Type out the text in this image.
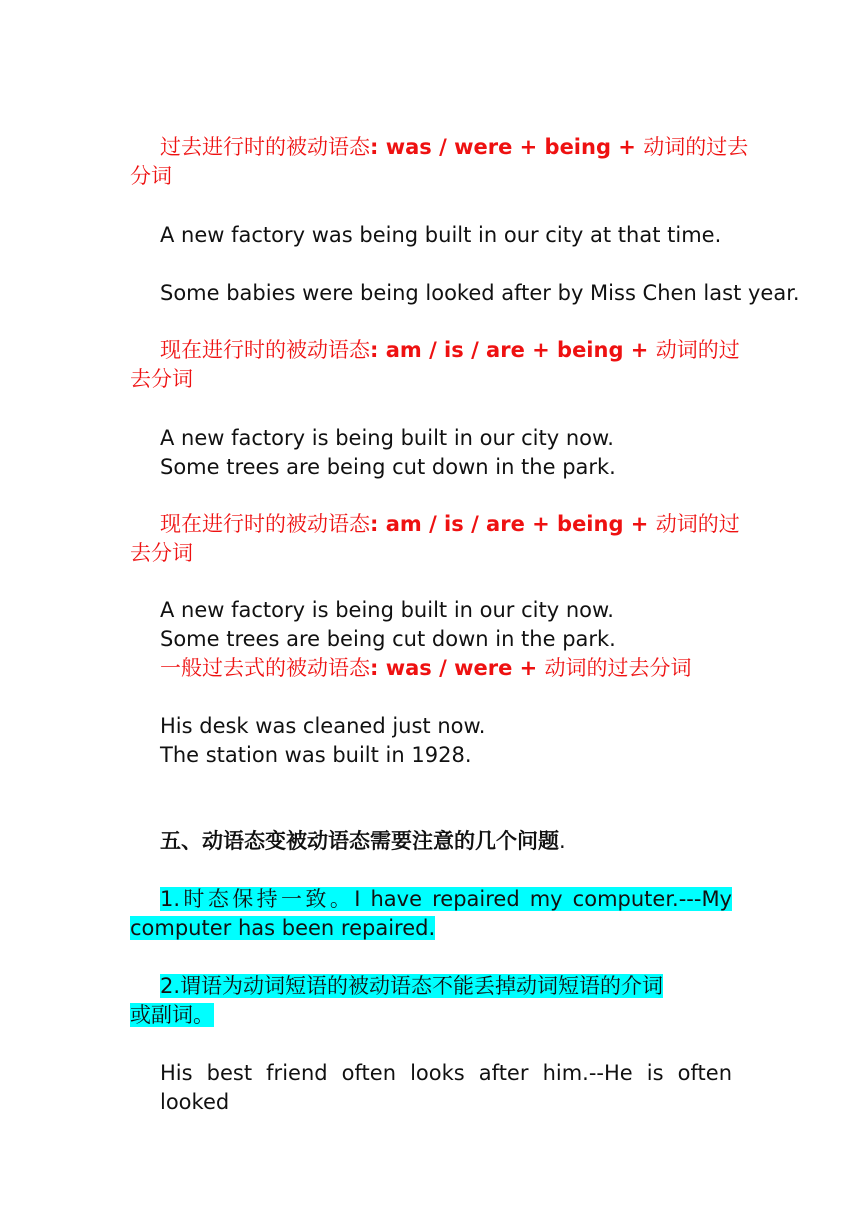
过去进行时的被动语态: was / were + being + 动词的过去
分词
A new factory was being built in our city at that time.
Some babies were being looked after by Miss Chen last year.
现在进行时的被动语态: am / is / are + being + 动词的过
去分词
A new factory is being built in our city now.
Some trees are being cut down in the park.
现在进行时的被动语态: am / is / are + being + 动词的过
去分词
A new factory is being built in our city now.
Some trees are being cut down in the park.
一般过去式的被动语态: was / were + 动词的过去分词
His desk was cleaned just now.
The station was built in 1928.
五、动语态变被动语态需要注意的几个问题.
1.时态保持一致。I have repaired my computer.---My
computer has been repaired.
2.谓语为动词短语的被动语态不能丢掉动词短语的介词
或副词。
His best friend often looks after him.--He is often looked
